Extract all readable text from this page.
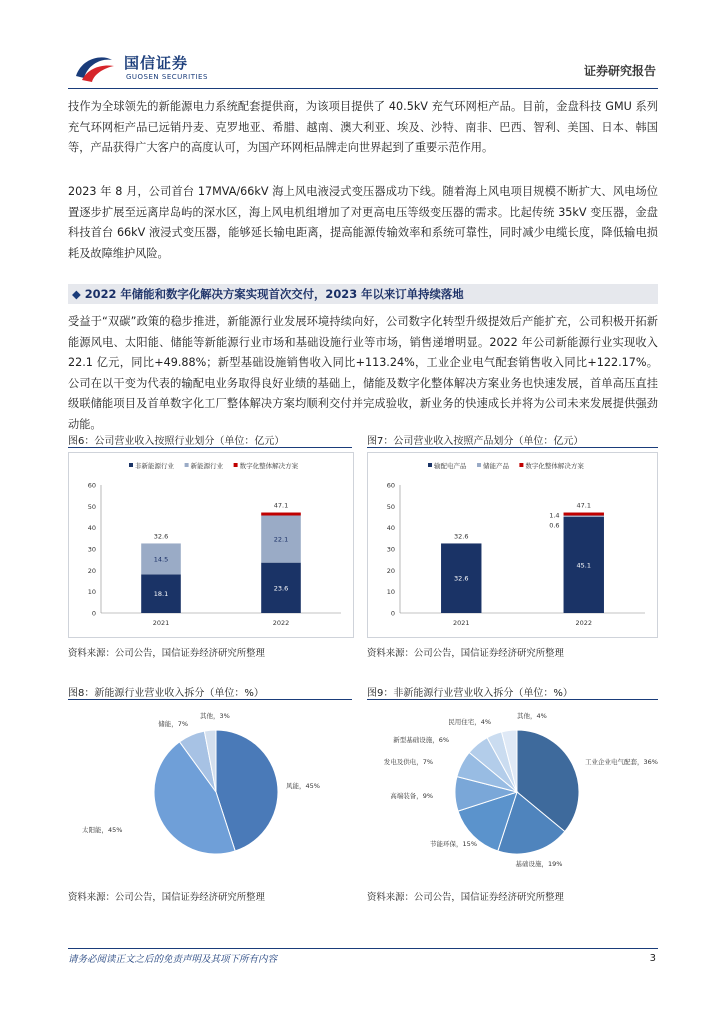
国信证券
GUOSEN SECURITIES	证券研究报告
技作为全球领先的新能源电力系统配套提供商，为该项目提供了 40.5kV 充气环网柜产品。目前，金盘科技 GMU 系列充气环网柜产品已远销丹麦、克罗地亚、希腊、越南、澳大利亚、埃及、沙特、南非、巴西、智利、美国、日本、韩国等，产品获得广大客户的高度认可，为国产环网柜品牌走向世界起到了重要示范作用。
2023 年 8 月，公司首台 17MVA/66kV 海上风电液浸式变压器成功下线。随着海上风电项目规模不断扩大、风电场位置逐步扩展至远离岸岛屿的深水区，海上风电机组增加了对更高电压等级变压器的需求。比起传统 35kV 变压器，金盘科技首台 66kV 液浸式变压器，能够延长输电距离，提高能源传输效率和系统可靠性，同时减少电缆长度，降低输电损耗及故障维护风险。
◆ 2022 年储能和数字化解决方案实现首次交付，2023 年以来订单持续落地
受益于“双碳”政策的稳步推进，新能源行业发展环境持续向好，公司数字化转型升级提效后产能扩充，公司积极开拓新能源风电、太阳能、储能等新能源行业市场和基础设施行业等市场，销售递增明显。2022 年公司新能源行业实现收入 22.1 亿元，同比+49.88%；新型基础设施销售收入同比+113.24%，工业企业电气配套销售收入同比+122.17%。公司在以干变为代表的输配电业务取得良好业绩的基础上，储能及数字化整体解决方案业务也快速发展，首单高压直挂级联储能项目及首单数字化工厂整体解决方案均顺利交付并完成验收，新业务的快速成长并将为公司未来发展提供强劲动能。
图6：公司营业收入按照行业划分（单位：亿元）
非新能源行业	新能源行业	数字化整体解决方案
0
10
20
30
40
50
60
2021
32.6
18.1
14.5
2022
47.1
23.6
22.1
资料来源：公司公告，国信证券经济研究所整理
图7：公司营业收入按照产品划分（单位：亿元）
输配电产品	储能产品	数字化整体解决方案
0
10
20
30
40
50
60
2021
32.6
32.6
2022
47.1
45.1
0.6
1.4
资料来源：公司公告，国信证券经济研究所整理
图8：新能源行业营业收入拆分（单位：%）
风能，45%
太阳能，45%
储能，7%
其他，3%
资料来源：公司公告，国信证券经济研究所整理
图9：非新能源行业营业收入拆分（单位：%）
工业企业电气配套，36%
基础设施，19%
节能环保，15%
高端装备，9%
发电及供电，7%
新型基础设施，6%
民用住宅，4%
其他，4%
资料来源：公司公告，国信证券经济研究所整理
请务必阅读正文之后的免责声明及其项下所有内容	3
